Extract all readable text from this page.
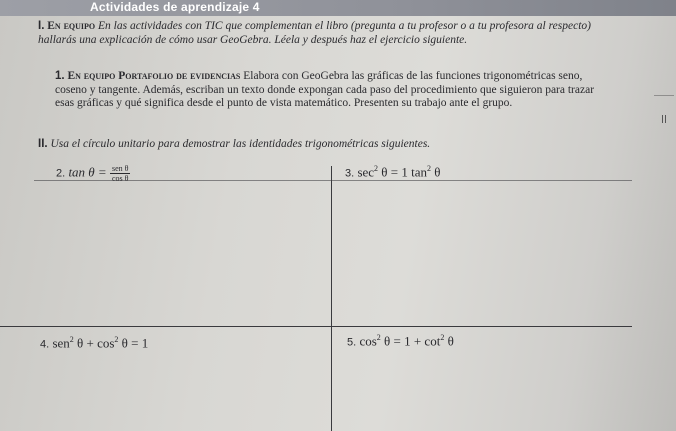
Actividades de aprendizaje 4
I. En equipo En las actividades con TIC que complementan el libro (pregunta a tu profesor o a tu profesora al respecto) hallarás una explicación de cómo usar GeoGebra. Léela y después haz el ejercicio siguiente.
1. En equipo Portafolio de evidencias Elabora con GeoGebra las gráficas de las funciones trigonométricas seno, coseno y tangente. Además, escriban un texto donde expongan cada paso del procedimiento que siguieron para trazar esas gráficas y qué significa desde el punto de vista matemático. Presenten su trabajo ante el grupo.
II. Usa el círculo unitario para demostrar las identidades trigonométricas siguientes.
2. $\tan \theta = \frac{\text{sen θ}}{\text{cos θ}}$	3. $\sec^2 \theta = 1$ $\tan^2 \theta$
4. sen$^2$ $\theta + \cos^2 \theta = 1$	5. $\cos^2 \theta = 1 + \cot^2 \theta$
